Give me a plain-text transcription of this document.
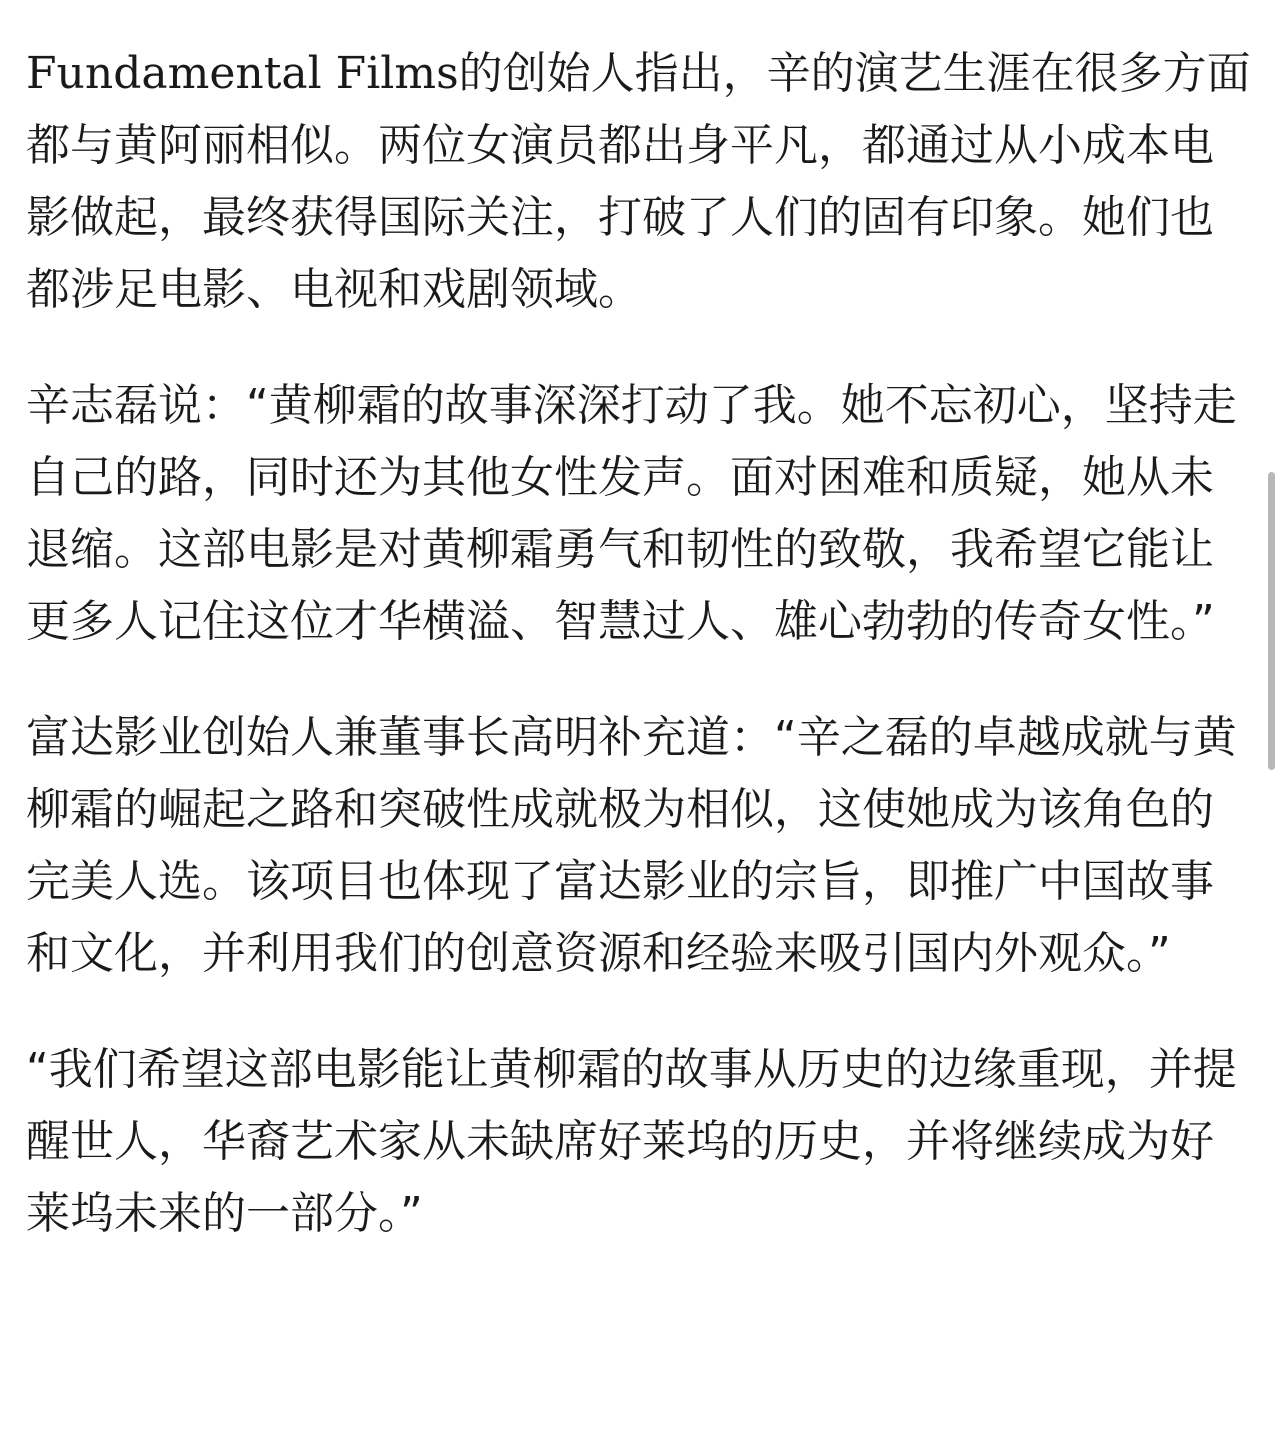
Fundamental Films的创始人指出，辛的演艺生涯在很多方面都与黄阿丽相似。两位女演员都出身平凡，都通过从小成本电影做起，最终获得国际关注，打破了人们的固有印象。她们也都涉足电影、电视和戏剧领域。

辛志磊说：“黄柳霜的故事深深打动了我。她不忘初心，坚持走自己的路，同时还为其他女性发声。面对困难和质疑，她从未退缩。这部电影是对黄柳霜勇气和韧性的致敬，我希望它能让更多人记住这位才华横溢、智慧过人、雄心勃勃的传奇女性。”

富达影业创始人兼董事长高明补充道：“辛之磊的卓越成就与黄柳霜的崛起之路和突破性成就极为相似，这使她成为该角色的完美人选。该项目也体现了富达影业的宗旨，即推广中国故事和文化，并利用我们的创意资源和经验来吸引国内外观众。”

“我们希望这部电影能让黄柳霜的故事从历史的边缘重现，并提醒世人，华裔艺术家从未缺席好莱坞的历史，并将继续成为好莱坞未来的一部分。”
